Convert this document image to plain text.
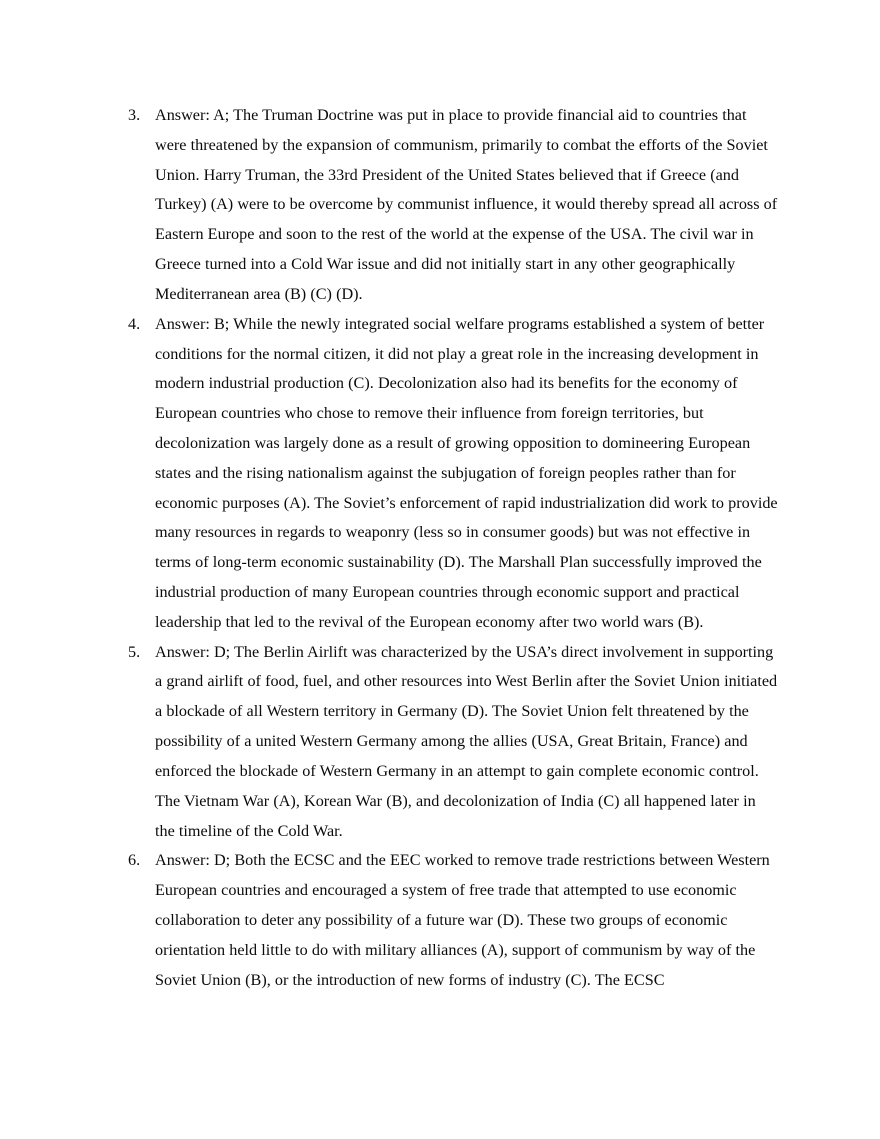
3. Answer: A; The Truman Doctrine was put in place to provide financial aid to countries that were threatened by the expansion of communism, primarily to combat the efforts of the Soviet Union. Harry Truman, the 33rd President of the United States believed that if Greece (and Turkey) (A) were to be overcome by communist influence, it would thereby spread all across of Eastern Europe and soon to the rest of the world at the expense of the USA. The civil war in Greece turned into a Cold War issue and did not initially start in any other geographically Mediterranean area (B) (C) (D).
4. Answer: B; While the newly integrated social welfare programs established a system of better conditions for the normal citizen, it did not play a great role in the increasing development in modern industrial production (C). Decolonization also had its benefits for the economy of European countries who chose to remove their influence from foreign territories, but decolonization was largely done as a result of growing opposition to domineering European states and the rising nationalism against the subjugation of foreign peoples rather than for economic purposes (A). The Soviet’s enforcement of rapid industrialization did work to provide many resources in regards to weaponry (less so in consumer goods) but was not effective in terms of long-term economic sustainability (D). The Marshall Plan successfully improved the industrial production of many European countries through economic support and practical leadership that led to the revival of the European economy after two world wars (B).
5. Answer: D; The Berlin Airlift was characterized by the USA’s direct involvement in supporting a grand airlift of food, fuel, and other resources into West Berlin after the Soviet Union initiated a blockade of all Western territory in Germany (D). The Soviet Union felt threatened by the possibility of a united Western Germany among the allies (USA, Great Britain, France) and enforced the blockade of Western Germany in an attempt to gain complete economic control. The Vietnam War (A), Korean War (B), and decolonization of India (C) all happened later in the timeline of the Cold War.
6. Answer: D; Both the ECSC and the EEC worked to remove trade restrictions between Western European countries and encouraged a system of free trade that attempted to use economic collaboration to deter any possibility of a future war (D). These two groups of economic orientation held little to do with military alliances (A), support of communism by way of the Soviet Union (B), or the introduction of new forms of industry (C). The ECSC
